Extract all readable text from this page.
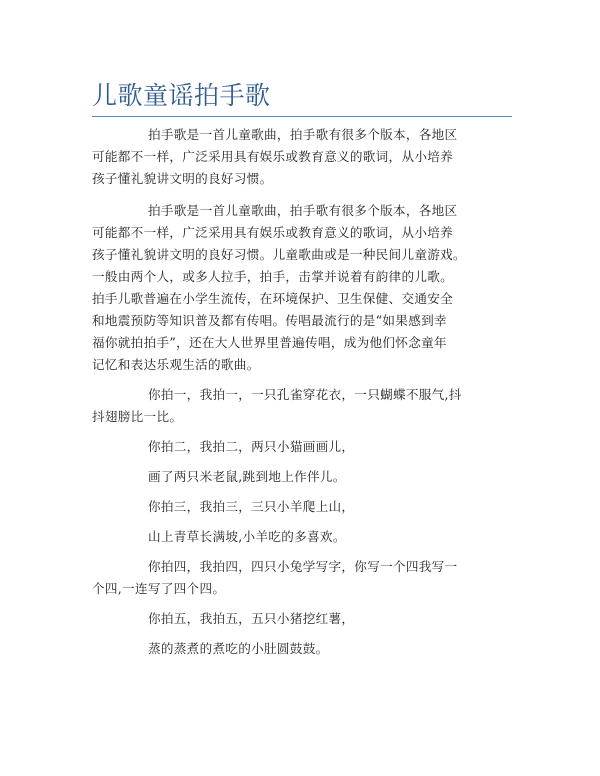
儿歌童谣拍手歌

拍手歌是一首儿童歌曲，拍手歌有很多个版本，各地区
可能都不一样，广泛采用具有娱乐或教育意义的歌词，从小培养
孩子懂礼貌讲文明的良好习惯。

拍手歌是一首儿童歌曲，拍手歌有很多个版本，各地区
可能都不一样，广泛采用具有娱乐或教育意义的歌词，从小培养
孩子懂礼貌讲文明的良好习惯。儿童歌曲或是一种民间儿童游戏。
一般由两个人，或多人拉手，拍手，击掌并说着有韵律的儿歌。
拍手儿歌普遍在小学生流传，在环境保护、卫生保健、交通安全
和地震预防等知识普及都有传唱。传唱最流行的是“如果感到幸
福你就拍拍手”，还在大人世界里普遍传唱，成为他们怀念童年
记忆和表达乐观生活的歌曲。

你拍一，我拍一，一只孔雀穿花衣，一只蝴蝶不服气,抖
抖翅膀比一比。

你拍二，我拍二，两只小猫画画儿，

画了两只米老鼠,跳到地上作伴儿。

你拍三，我拍三，三只小羊爬上山，

山上青草长满坡,小羊吃的多喜欢。

你拍四，我拍四，四只小兔学写字，你写一个四我写一
个四,一连写了四个四。

你拍五，我拍五，五只小猪挖红薯，

蒸的蒸煮的煮吃的小肚圆鼓鼓。
